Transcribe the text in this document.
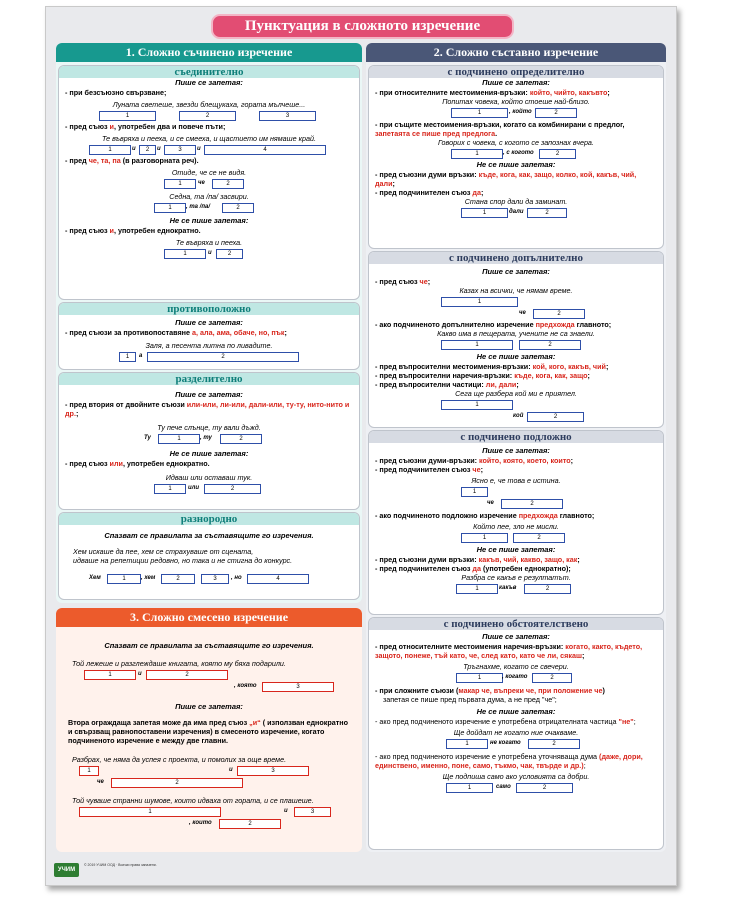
Пунктуация в сложното изречение
1. Сложно съчинено изречение
съединително
Пише се запетая:
- при безсъюзно свързване;
Луната светеше, звезди блещукаха, гората мълчеше...
1	2	3
- пред съюз и, употребен два и повече пъти;
Те въвряха и пееха, и се смееха, и щастието им нямаше край.
1	и	2	и	3	и	4
- пред че, та, па (в разговорната реч).
Отиде, че се не видя.
1	че	2
Седна, та /па/ засвири.
1	, та /па/	2
Не се пише запетая:
- пред съюз и, употребен еднократно.
Те въвряха и пееха.
1	и	2
противоположно
Пише се запетая:
- пред съюзи за противопоставяне а, ала, ама, обаче, но, пък;
Заля, а песента литна по ливадите.
1	а	2
разделително
Пише се запетая:
- пред втория от двойните съюзи или-или, ли-или, дали-или, ту-ту, нито-нито и др.;
Ту пече слънце, ту вали дъжд.
Ту	1	, ту	2
Не се пише запетая:
- пред съюз или, употребен еднократно.
Идваш или оставаш тук.
1	или	2
разнородно
Спазват се правилата за съставящите го изречения.
Хем искаше да пее, хем се страхуваше от сцената,
идваше на репетиции редовно, но така и не стигна до конкурс.
Хем	1	, хем	2	3	, но	4
3. Сложно смесено изречение
Спазват се правилата за съставящите го изречения.
Той лежеше и разглеждаше книгата, която му бяха подарили.
1	и	2
, която	3
Пише се запетая:
Втора ограждаща запетая може да има пред съюз „и“ ( използван еднократно и свързващ равнопоставени изречения) в смесеното изречение, когато подчиненото изречение е между две главни.
Разбрах, че няма да успея с проекта, и помолих за още време.
1	и	3
че	2
Той чуваше странни шумове, които идваха от гората, и се плашеше.
1	и	3
, които	2
2. Сложно съставно изречение
с подчинено определително
Пише се запетая:
- при относителните местоимения-връзки: който, чийто, какъвто;
Попитах човека, който стоеше най-близо.
1	, който	2
- при същите местоимения-връзки, когато са комбинирани с предлог,
запетаята се пише пред предлога.
Говорих с човека, с когото се запознах вчера.
1	, с когото	2
Не се пише запетая:
- пред съюзни думи връзки: къде, кога, как, защо, колко, кой, какъв, чий, дали;
- пред подчинителен съюз да;
Стана спор дали да заминат.
1	дали	2
с подчинено допълнително
Пише се запетая:
- пред съюз че;
Казах на всички, че нямам време.
1
че	2
- ако подчиненото допълнително изречение предхожда главното;
Какво има в пещерата, ученитe не са знаели.
1	2
Не се пише запетая:
- пред въпросителни местоимения-връзки: кой, кого, какъв, чий;
- пред въпросителни наречия-връзки: къде, кога, как, защо;
- пред въпросителни частици: ли, дали;
Сега ще разбера кой ми е приятел.
1
кой	2
с подчинено подложно
Пише се запетая:
- пред съюзни думи-връзки: който, която, което, които;
- пред подчинителен съюз че;
Ясно е, че това е истина.
1
че	2
- ако подчиненото подложно изречение предхожда главното;
Който пее, зло не мисли.
1	2
Не се пише запетая:
- пред съюзни думи връзки: какъв, чий, какво, защо, как;
- пред подчинителен съюз да (употребен еднократно);
Разбра се какъв е резултатът.
1	какъв	2
с подчинено обстоятелствено
Пише се запетая:
- пред относителните местоимения наречия-връзки: когато, както, където, защото, понеже, тъй като, че, след като, като че ли, сякаш;
Тръгнахме, когато се свечери.
1	, когато	2
- при сложните съюзи (макар че, въпреки че, при положение че)
запетая се пише пред първата дума, а не пред "че";
Не се пише запетая:
- ако пред подчиненото изречение е употребена отрицателната частица "не";
Ще дойдат не когато ние очакваме.
1	не когато	2
- ако пред подчиненото изречение е употребена уточняваща дума (даже, дори, единствено, именно, поне, само, тъкмо, чак, твърде и др.);
Ще подпиша само ако условията са добри.
1	само	2
УЧИМ
© 2019 УЧИМ ООД · Всички права запазени.
